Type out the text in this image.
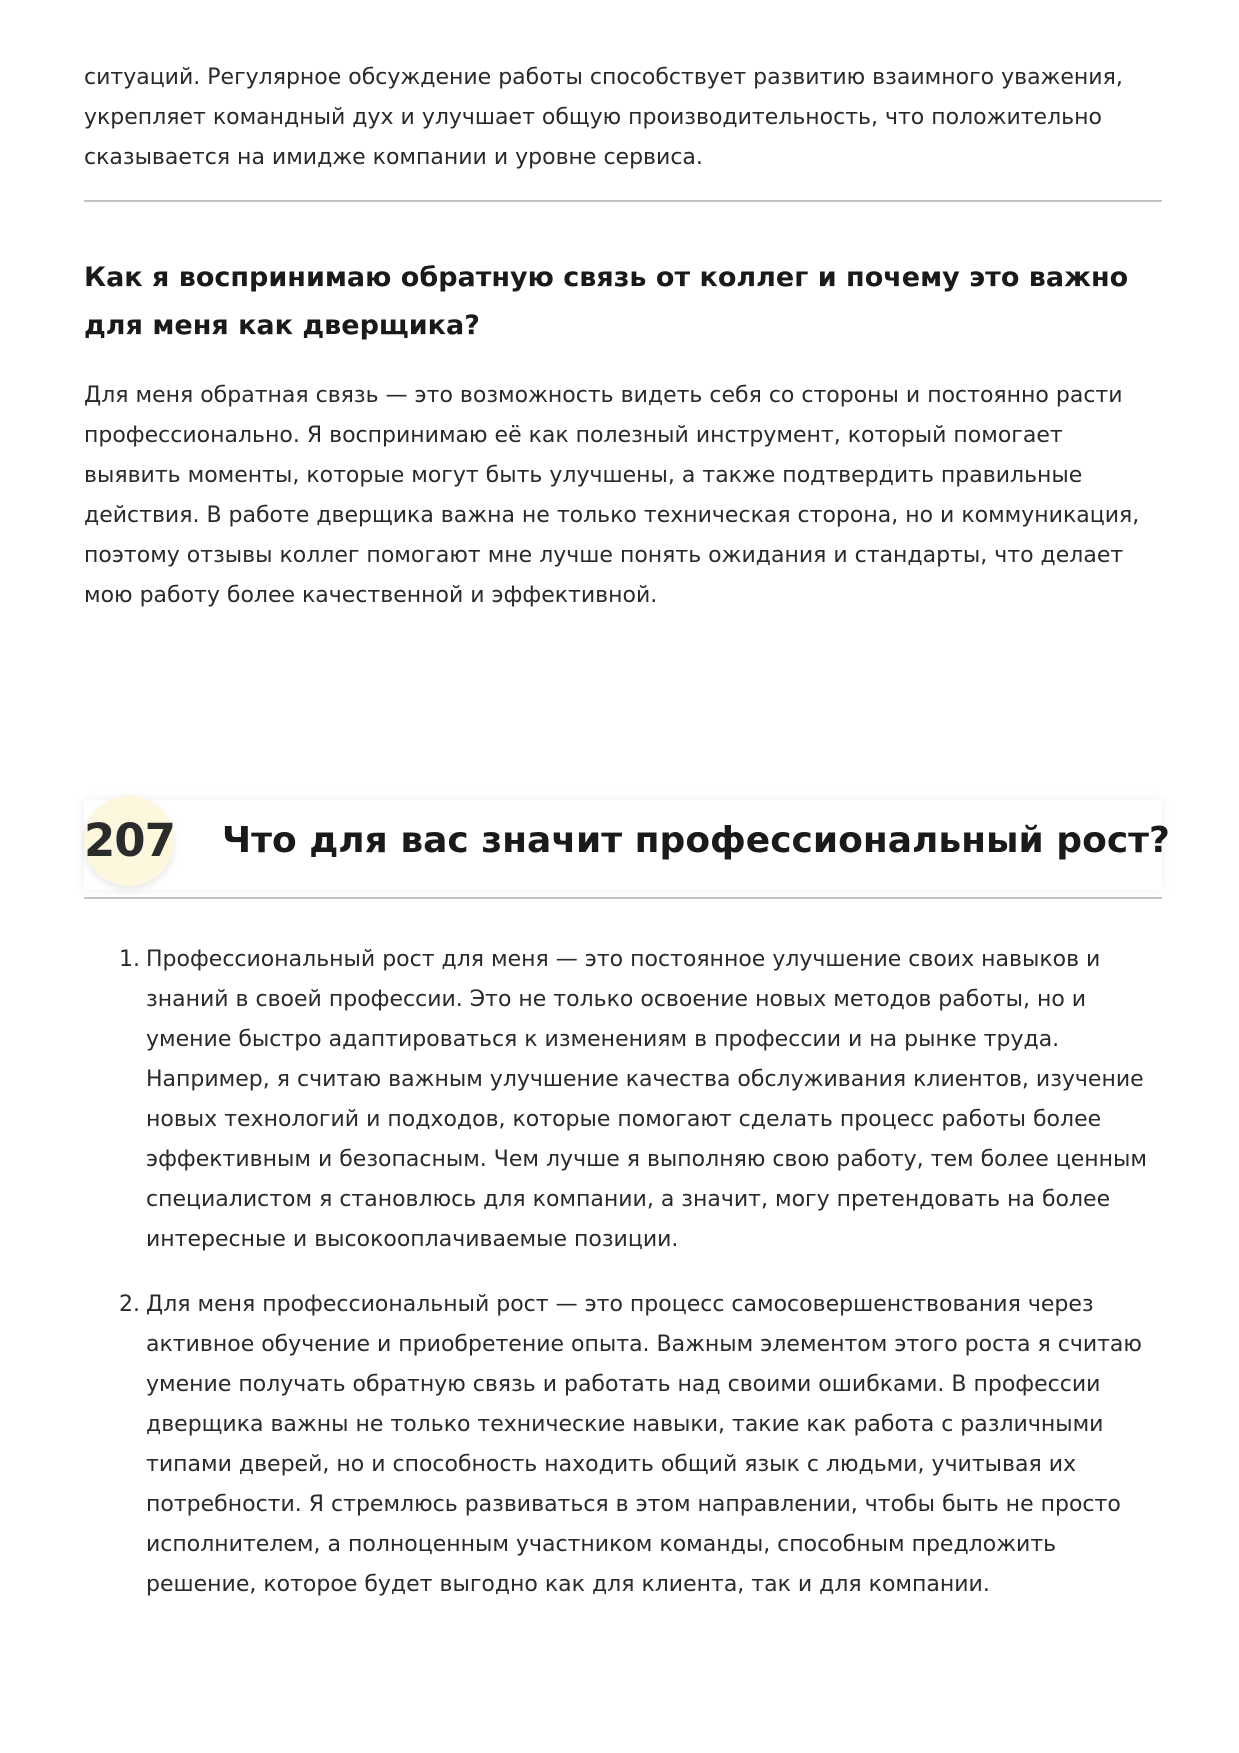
ситуаций. Регулярное обсуждение работы способствует развитию взаимного уважения, укрепляет командный дух и улучшает общую производительность, что положительно сказывается на имидже компании и уровне сервиса.

Как я воспринимаю обратную связь от коллег и почему это важно для меня как дверщика?

Для меня обратная связь — это возможность видеть себя со стороны и постоянно расти профессионально. Я воспринимаю её как полезный инструмент, который помогает выявить моменты, которые могут быть улучшены, а также подтвердить правильные действия. В работе дверщика важна не только техническая сторона, но и коммуникация, поэтому отзывы коллег помогают мне лучше понять ожидания и стандарты, что делает мою работу более качественной и эффективной.

207 Что для вас значит профессиональный рост?
1. Профессиональный рост для меня — это постоянное улучшение своих навыков и знаний в своей профессии. Это не только освоение новых методов работы, но и умение быстро адаптироваться к изменениям в профессии и на рынке труда. Например, я считаю важным улучшение качества обслуживания клиентов, изучение новых технологий и подходов, которые помогают сделать процесс работы более эффективным и безопасным. Чем лучше я выполняю свою работу, тем более ценным специалистом я становлюсь для компании, а значит, могу претендовать на более интересные и высокооплачиваемые позиции.
2. Для меня профессиональный рост — это процесс самосовершенствования через активное обучение и приобретение опыта. Важным элементом этого роста я считаю умение получать обратную связь и работать над своими ошибками. В профессии дверщика важны не только технические навыки, такие как работа с различными типами дверей, но и способность находить общий язык с людьми, учитывая их потребности. Я стремлюсь развиваться в этом направлении, чтобы быть не просто исполнителем, а полноценным участником команды, способным предложить решение, которое будет выгодно как для клиента, так и для компании.
